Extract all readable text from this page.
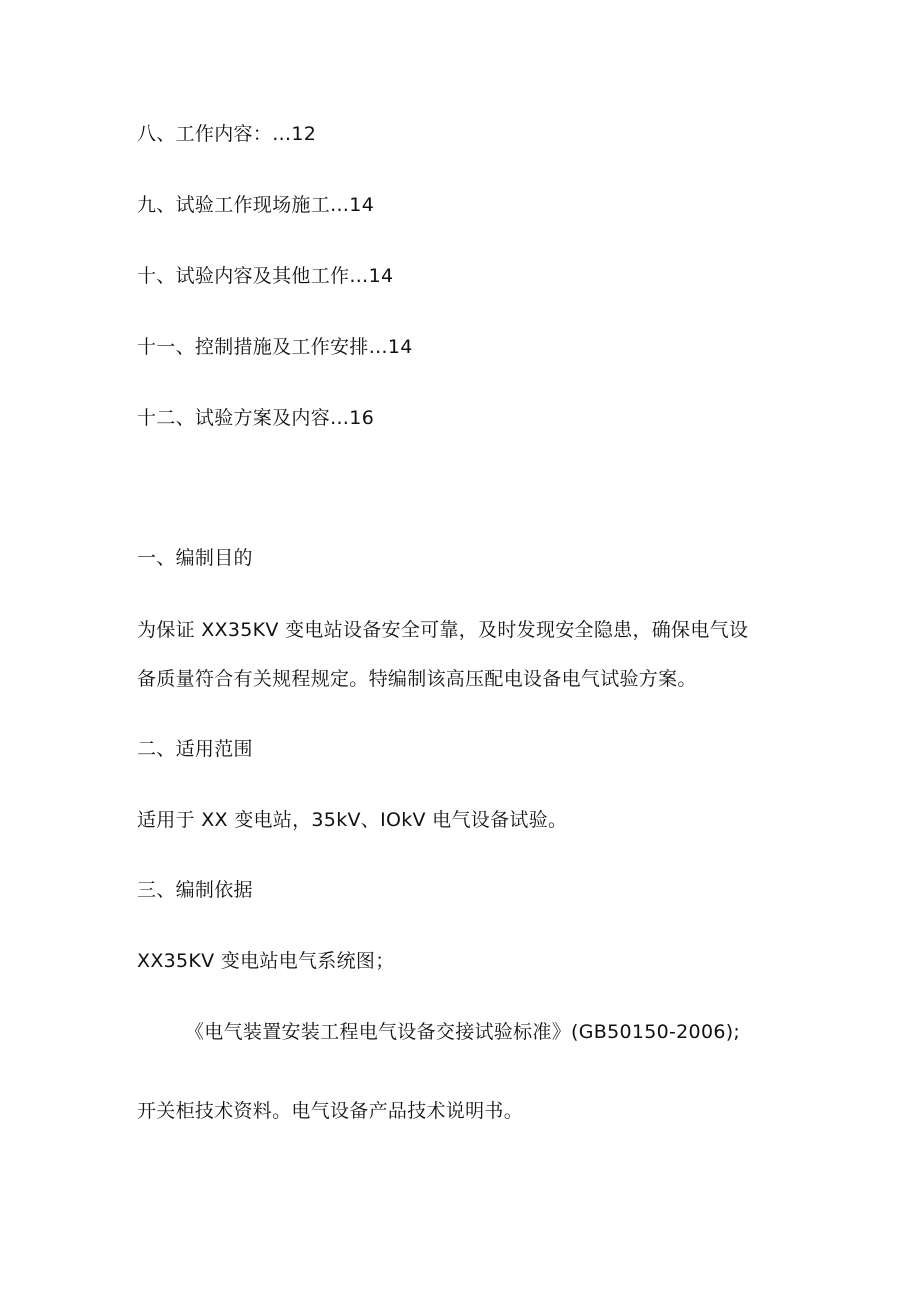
八、工作内容：…12
九、试验工作现场施工…14
十、试验内容及其他工作…14
十一、控制措施及工作安排…14
十二、试验方案及内容…16
一、编制目的
为保证 XX35KV 变电站设备安全可靠，及时发现安全隐患，确保电气设
备质量符合有关规程规定。特编制该高压配电设备电气试验方案。
二、适用范围
适用于 XX 变电站，35kV、IOkV 电气设备试验。
三、编制依据
XX35KV 变电站电气系统图；
《电气装置安装工程电气设备交接试验标准》(GB50150-2006);
开关柜技术资料。电气设备产品技术说明书。
